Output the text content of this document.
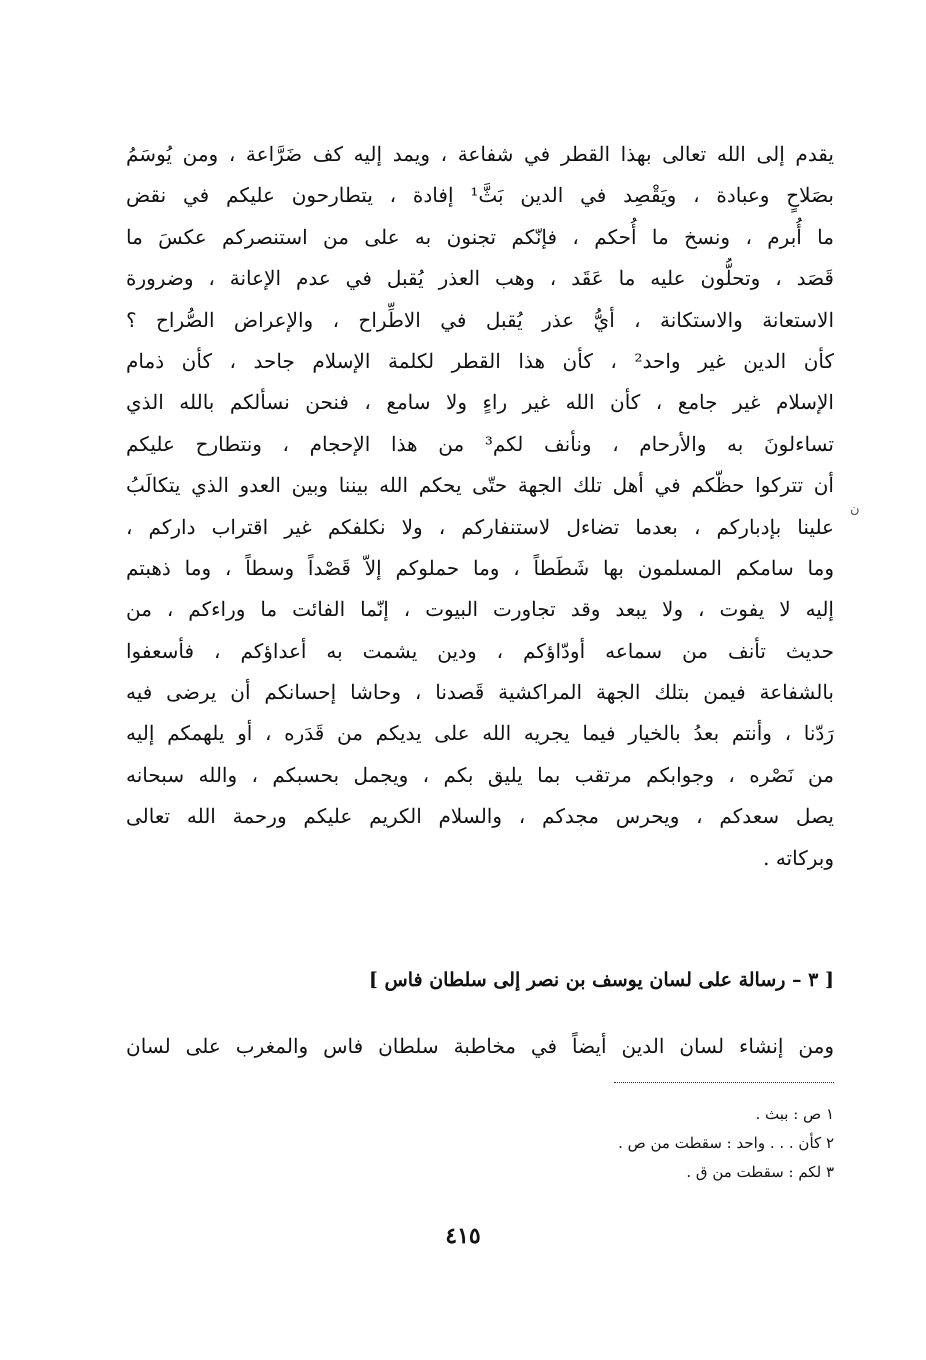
يقدم إلى الله تعالى بهذا القطر في شفاعة ، ويمد إليه كف ضَرَّاعة ، ومن يُوسَمُ
بصَلاحٍ وعبادة ، ويَقْصِد في الدين بَثَّ¹ إفادة ، يتطارحون عليكم في نقض
ما أُبرم ، ونسخ ما أُحكم ، فإنّكم تجنون به على من استنصركم عكسَ ما
قَصَد ، وتحلُّون عليه ما عَقَد ، وهب العذر يُقبل في عدم الإعانة ، وضرورة
الاستعانة والاستكانة ، أيُّ عذر يُقبل في الاطِّراح ، والإعراض الصُّراح ؟
كأن الدين غير واحد² ، كأن هذا القطر لكلمة الإسلام جاحد ، كأن ذمام
الإسلام غير جامع ، كأن الله غير راءٍ ولا سامع ، فنحن نسألكم بالله الذي
تساءلونَ به والأرحام ، ونأنف لكم³ من هذا الإحجام ، ونتطارح عليكم
أن تتركوا حظّكم في أهل تلك الجهة حتّى يحكم الله بيننا وبين العدو الذي يتكالَبُ
علينا بإدبارکم ، بعدما تضاءل لاستنفارکم ، ولا نكلفكم غير اقتراب داركم ،
وما سامكم المسلمون بها شَطَطاً ، وما حملوكم إلاّ قَصْداً وسطاً ، وما ذهبتم
إليه لا يفوت ، ولا يبعد وقد تجاورت البيوت ، إنّما الفائت ما وراءكم ، من
حديث تأنف من سماعه أودّاؤكم ، ودين يشمت به أعداؤكم ، فأسعفوا
بالشفاعة فيمن بتلك الجهة المراكشية قَصدنا ، وحاشا إحسانكم أن يرضى فيه
رَدّنا ، وأنتم بعدُ بالخيار فيما يجريه الله على يديكم من قَدَره ، أو يلهمكم إليه
من نَصْره ، وجوابكم مرتقب بما يليق بكم ، ويجمل بحسبكم ، والله سبحانه
يصل سعدكم ، ويحرس مجدكم ، والسلام الكريم عليكم ورحمة الله تعالى
وبركاته .
ن
[ ٣ – رسالة على لسان يوسف بن نصر إلى سلطان فاس ]
ومن إنشاء لسان الدين أيضاً في مخاطبة سلطان فاس والمغرب على لسان
١ ص : ببث .
٢ كأن . . . واحد : سقطت من ص .
٣ لكم : سقطت من ق .
٤١٥
